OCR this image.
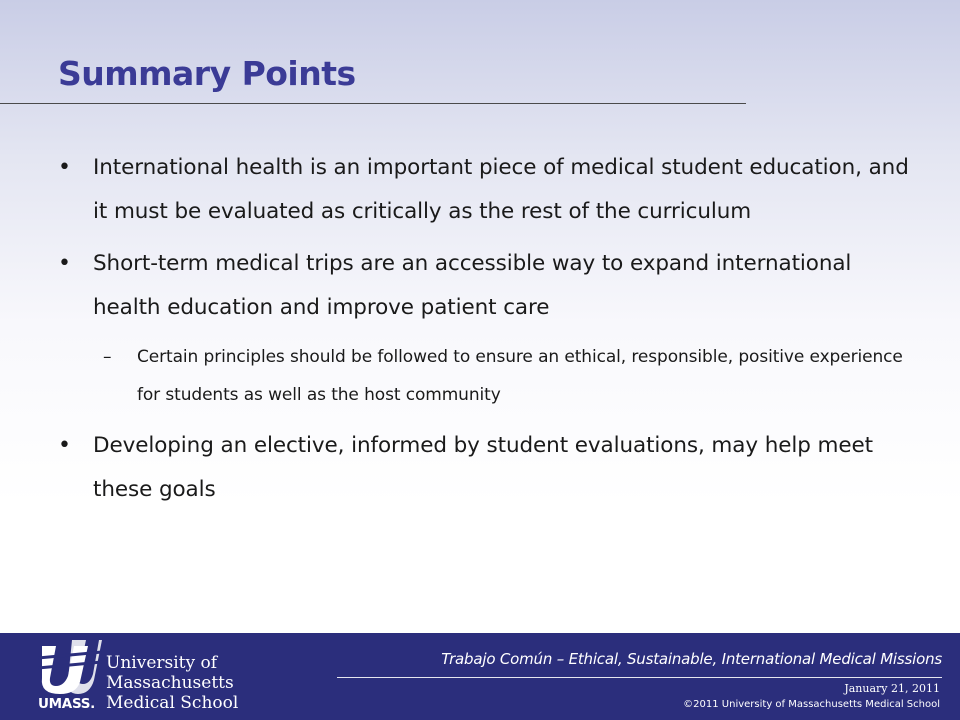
Summary Points
• International health is an important piece of medical student education, and it must be evaluated as critically as the rest of the curriculum
• Short-term medical trips are an accessible way to expand international health education and improve patient care
– Certain principles should be followed to ensure an ethical, responsible, positive experience for students as well as the host community
• Developing an elective, informed by student evaluations, may help meet these goals
UMASS.
University of
Massachusetts
Medical School
Trabajo Común – Ethical, Sustainable, International Medical Missions
January 21, 2011
©2011 University of Massachusetts Medical School
